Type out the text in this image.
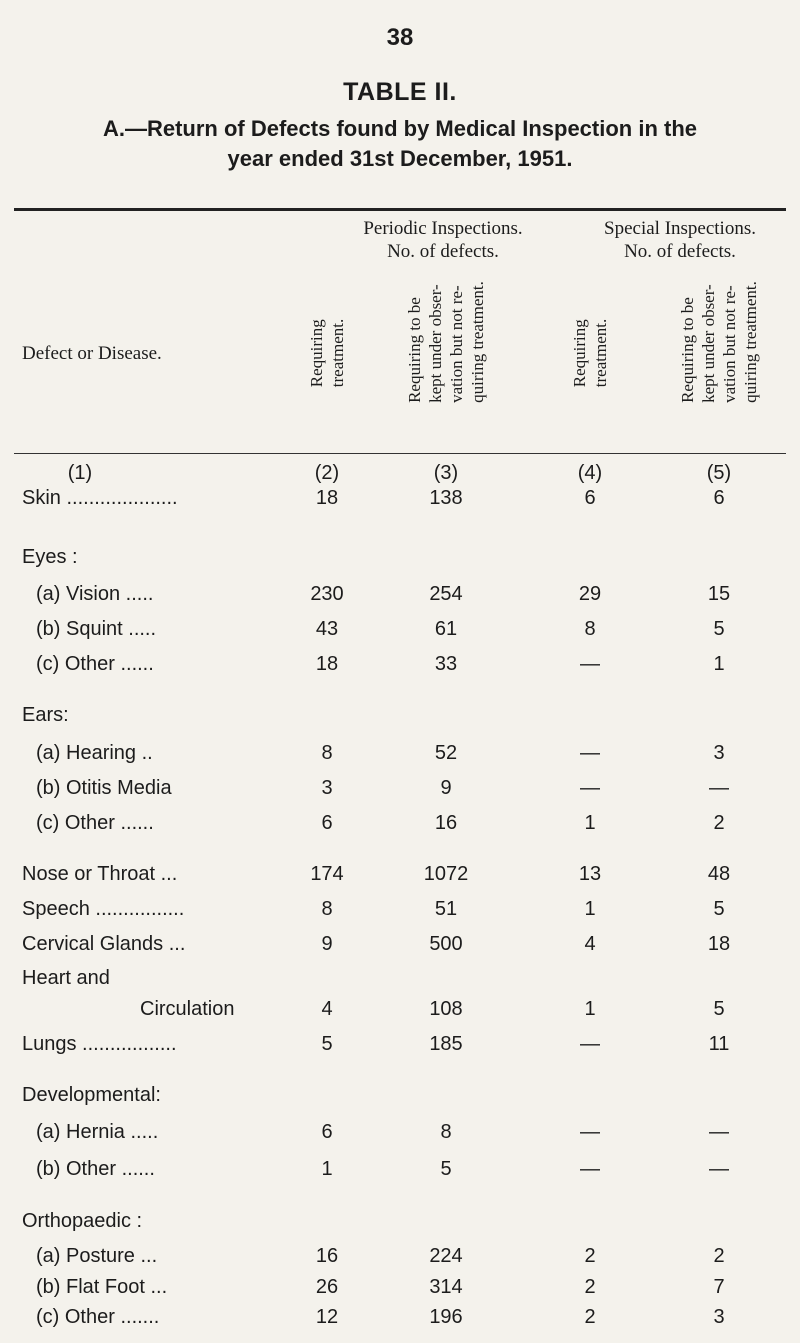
38
TABLE II.
A.—Return of Defects found by Medical Inspection in the
year ended 31st December, 1951.
Periodic Inspections.
No. of defects.
Special Inspections.
No. of defects.
Defect or Disease.	Requiring treatment.	Requiring to be kept under obser- vation but not re- quiring treatment.	Requiring treatment.	Requiring to be kept under obser- vation but not re- quiring treatment.
(1)	(2)	(3)	(4)	(5)
Skin ....................	18	138	6	6
Eyes :
(a) Vision .....	230	254	29	15
(b) Squint .....	43	61	8	5
(c) Other ......	18	33	—	1
Ears:
(a) Hearing ..	8	52	—	3
(b) Otitis Media	3	9	—	—
(c) Other ......	6	16	1	2
Nose or Throat ...	174	1072	13	48
Speech ................	8	51	1	5
Cervical Glands ...	9	500	4	18
Heart and
Circulation	4	108	1	5
Lungs .................	5	185	—	11
Developmental:
(a) Hernia .....	6	8	—	—
(b) Other ......	1	5	—	—
Orthopaedic :
(a) Posture ...	16	224	2	2
(b) Flat Foot ...	26	314	2	7
(c) Other .......	12	196	2	3
